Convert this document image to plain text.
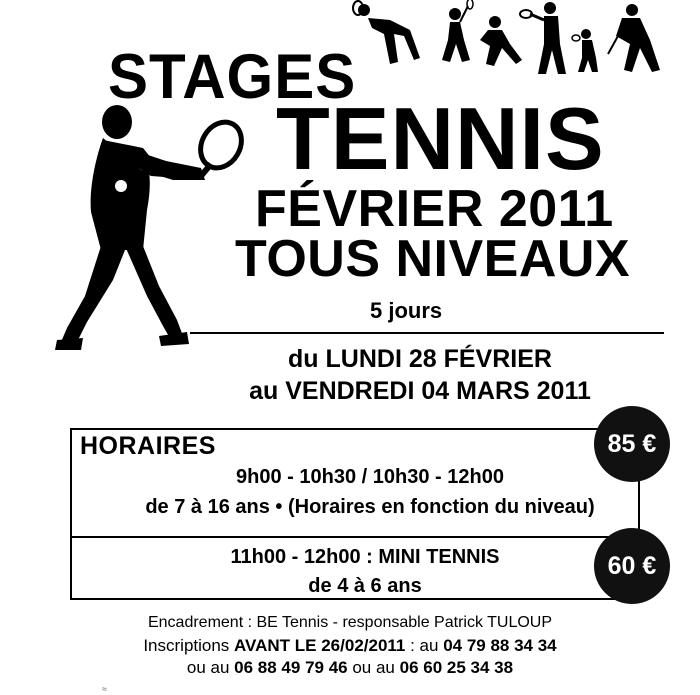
STAGES
TENNIS
FÉVRIER 2011
TOUS NIVEAUX
5 jours
du LUNDI 28 FÉVRIER
au VENDREDI 04 MARS 2011
HORAIRES
9h00 - 10h30 / 10h30 - 12h00
de 7 à 16 ans • (Horaires en fonction du niveau)
11h00 - 12h00 : MINI TENNIS
de 4 à 6 ans
85 €
60 €
Encadrement : BE Tennis - responsable Patrick TULOUP
Inscriptions AVANT LE 26/02/2011 : au 04 79 88 34 34
ou au 06 88 49 79 46 ou au 06 60 25 34 38
≈
